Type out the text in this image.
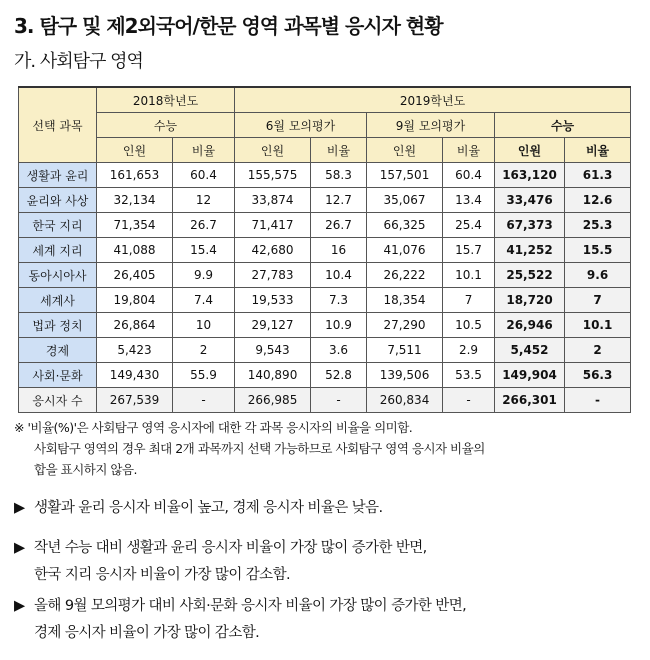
3. 탐구 및 제2외국어/한문 영역 과목별 응시자 현황
가. 사회탐구 영역
선택 과목	2018학년도		2019학년도					
	수능		6월 모의평가		9월 모의평가		수능	
	인원	비율	인원	비율	인원	비율	인원	비율
생활과 윤리	161,653	60.4	155,575	58.3	157,501	60.4	163,120	61.3
윤리와 사상	32,134	12	33,874	12.7	35,067	13.4	33,476	12.6
한국 지리	71,354	26.7	71,417	26.7	66,325	25.4	67,373	25.3
세계 지리	41,088	15.4	42,680	16	41,076	15.7	41,252	15.5
동아시아사	26,405	9.9	27,783	10.4	26,222	10.1	25,522	9.6
세계사	19,804	7.4	19,533	7.3	18,354	7	18,720	7
법과 정치	26,864	10	29,127	10.9	27,290	10.5	26,946	10.1
경제	5,423	2	9,543	3.6	7,511	2.9	5,452	2
사회·문화	149,430	55.9	140,890	52.8	139,506	53.5	149,904	56.3
응시자 수	267,539	-	266,985	-	260,834	-	266,301	-
※ '비율(%)'은 사회탐구 영역 응시자에 대한 각 과목 응시자의 비율을 의미함.
사회탐구 영역의 경우 최대 2개 과목까지 선택 가능하므로 사회탐구 영역 응시자 비율의
합을 표시하지 않음.
▶ 생활과 윤리 응시자 비율이 높고, 경제 응시자 비율은 낮음.
▶ 작년 수능 대비 생활과 윤리 응시자 비율이 가장 많이 증가한 반면,
한국 지리 응시자 비율이 가장 많이 감소함.
▶ 올해 9월 모의평가 대비 사회·문화 응시자 비율이 가장 많이 증가한 반면,
경제 응시자 비율이 가장 많이 감소함.
